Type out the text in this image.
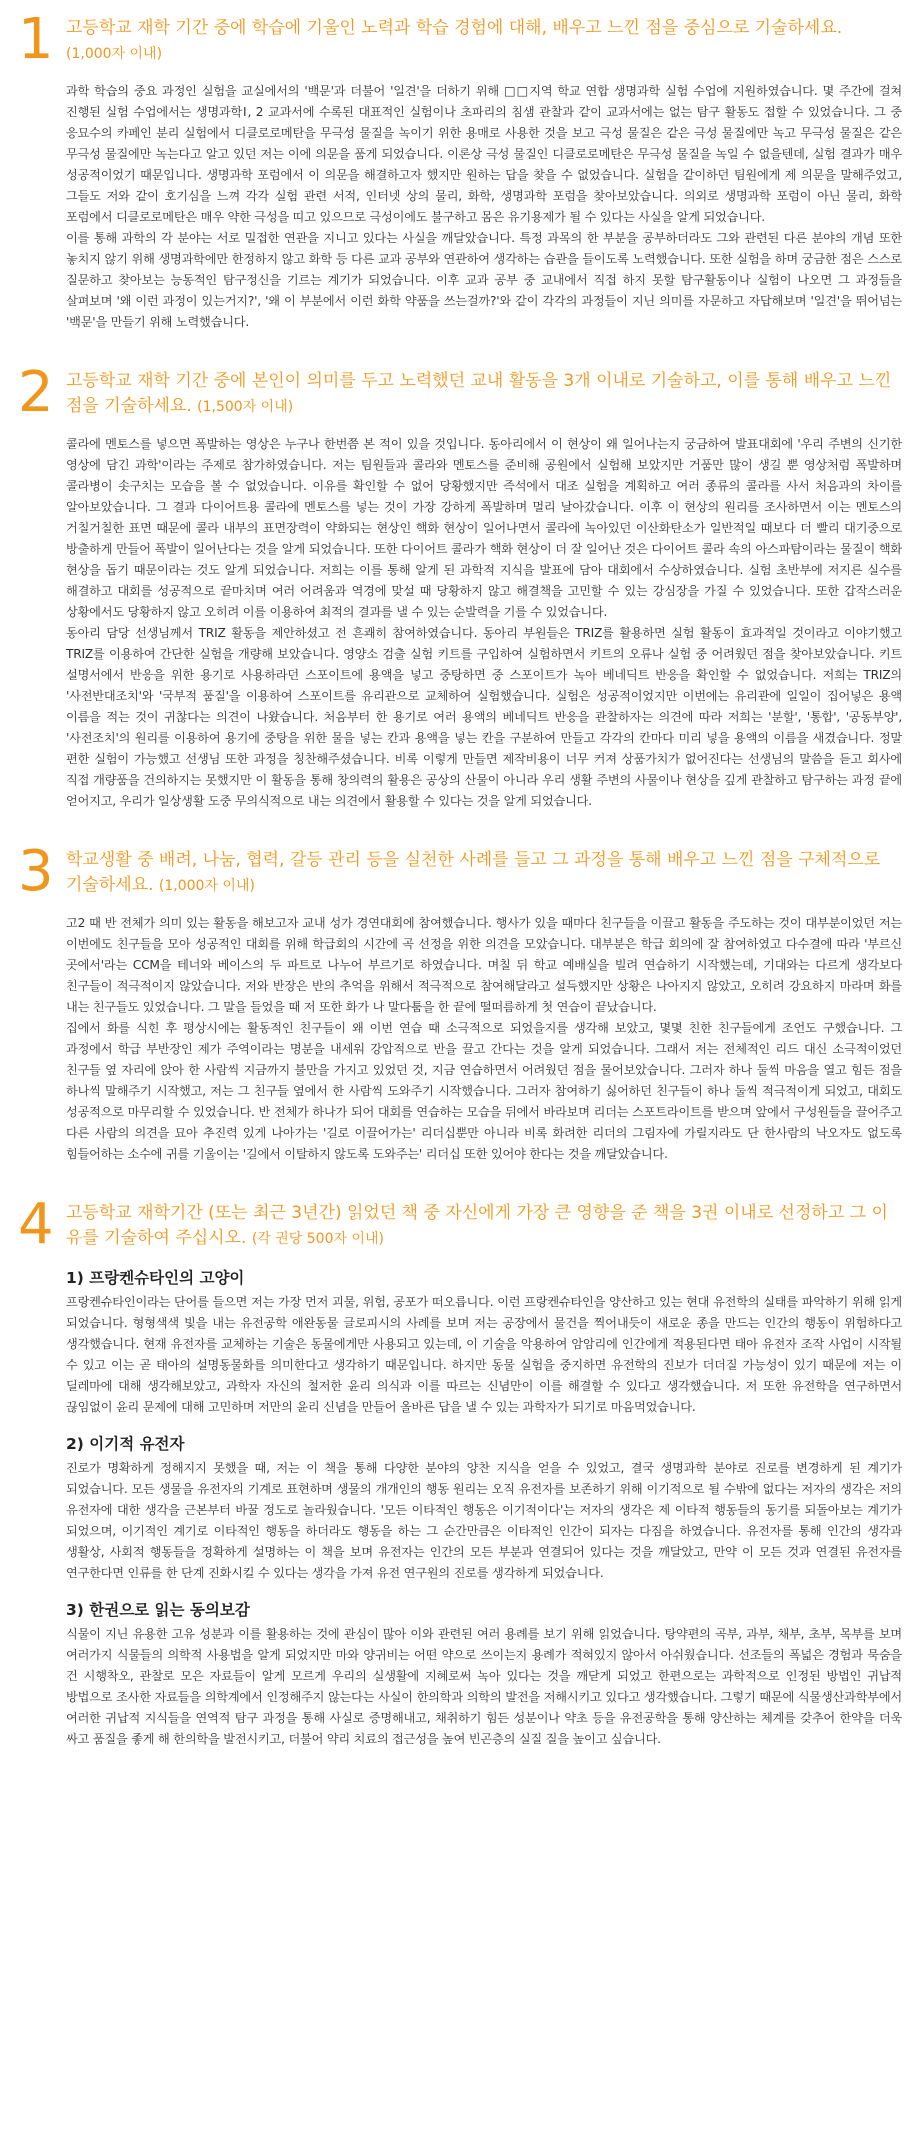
1 고등학교 재학 기간 중에 학습에 기울인 노력과 학습 경험에 대해, 배우고 느낀 점을 중심으로 기술하세요.
(1,000자 이내)

과학 학습의 중요 과정인 실험을 교실에서의 '백문'과 더불어 '일견'을 더하기 위해 □□지역 학교 연합 생명과학 실험 수업에 지원하였습니다. 몇 주간에 걸쳐 진행된 실험 수업에서는 생명과학Ⅰ, 2 교과서에 수록된 대표적인 실험이나 초파리의 침샘 관찰과 같이 교과서에는 없는 탐구 활동도 접할 수 있었습니다. 그 중 응묘수의 카페인 분리 실험에서 디클로로메탄을 무극성 물질을 녹이기 위한 용매로 사용한 것을 보고 극성 물질은 같은 극성 물질에만 녹고 무극성 물질은 같은 무극성 물질에만 녹는다고 알고 있던 저는 이에 의문을 품게 되었습니다. 이론상 극성 물질인 디클로로메탄은 무극성 물질을 녹일 수 없을텐데, 실험 결과가 매우 성공적이었기 때문입니다. 생명과학 포럼에서 이 의문을 해결하고자 했지만 원하는 답을 찾을 수 없었습니다. 실험을 같이하던 팀원에게 제 의문을 말해주었고, 그들도 저와 같이 호기심을 느껴 각각 실험 관련 서적, 인터넷 상의 물리, 화학, 생명과학 포럼을 찾아보았습니다. 의외로 생명과학 포럼이 아닌 물리, 화학 포럼에서 디클로로메탄은 매우 약한 극성을 띠고 있으므로 극성이에도 불구하고 몸은 유기용제가 될 수 있다는 사실을 알게 되었습니다.

이를 통해 과학의 각 분야는 서로 밀접한 연관을 지니고 있다는 사실을 깨달았습니다. 특정 과목의 한 부분을 공부하더라도 그와 관련된 다른 분야의 개념 또한 놓치지 않기 위해 생명과학에만 한정하지 않고 화학 등 다른 교과 공부와 연관하여 생각하는 습관을 들이도록 노력했습니다. 또한 실험을 하며 궁금한 점은 스스로 질문하고 찾아보는 능동적인 탐구정신을 기르는 계기가 되었습니다. 이후 교과 공부 중 교내에서 직접 하지 못할 탐구활동이나 실험이 나오면 그 과정들을 살펴보며 '왜 이런 과정이 있는거지?', '왜 이 부분에서 이런 화학 약품을 쓰는걸까?'와 같이 각각의 과정들이 지닌 의미를 자문하고 자답해보며 '일견'을 뛰어넘는 '백문'을 만들기 위해 노력했습니다.

2 고등학교 재학 기간 중에 본인이 의미를 두고 노력했던 교내 활동을 3개 이내로 기술하고, 이를 통해 배우고 느낀 점을 기술하세요. (1,500자 이내)

콜라에 멘토스를 넣으면 폭발하는 영상은 누구나 한번쯤 본 적이 있을 것입니다. 동아리에서 이 현상이 왜 일어나는지 궁금하여 발표대회에 '우리 주변의 신기한 영상에 담긴 과학'이라는 주제로 참가하였습니다. 저는 팀원들과 콜라와 멘토스를 준비해 공원에서 실험해 보았지만 거품만 많이 생길 뿐 영상처럼 폭발하며 콜라병이 솟구치는 모습을 볼 수 없었습니다. 이유를 확인할 수 없어 당황했지만 즉석에서 대조 실험을 계획하고 여러 종류의 콜라를 사서 처음과의 차이를 알아보았습니다. 그 결과 다이어트용 콜라에 멘토스를 넣는 것이 가장 강하게 폭발하며 멀리 날아갔습니다. 이후 이 현상의 원리를 조사하면서 이는 멘토스의 거칠거칠한 표면 때문에 콜라 내부의 표면장력이 약화되는 현상인 핵화 현상이 일어나면서 콜라에 녹아있던 이산화탄소가 일반적일 때보다 더 빨리 대기중으로 방출하게 만들어 폭발이 일어난다는 것을 알게 되었습니다. 또한 다이어트 콜라가 핵화 현상이 더 잘 일어난 것은 다이어트 콜라 속의 아스파탐이라는 물질이 핵화 현상을 돕기 때문이라는 것도 알게 되었습니다. 저희는 이를 통해 알게 된 과학적 지식을 발표에 담아 대회에서 수상하였습니다. 실험 초반부에 저지른 실수를 해결하고 대회를 성공적으로 끝마치며 여러 어려움과 역경에 맞설 때 당황하지 않고 해결책을 고민할 수 있는 강심장을 가질 수 있었습니다. 또한 갑작스러운 상황에서도 당황하지 않고 오히려 이를 이용하여 최적의 결과를 낼 수 있는 순발력을 기를 수 있었습니다.

동아리 담당 선생님께서 TRIZ 활동을 제안하셨고 전 흔쾌히 참여하였습니다. 동아리 부원들은 TRIZ를 활용하면 실험 활동이 효과적일 것이라고 이야기했고 TRIZ를 이용하여 간단한 실험을 개량해 보았습니다. 영양소 검출 실험 키트를 구입하여 실험하면서 키트의 오류나 실험 중 어려웠던 점을 찾아보았습니다. 키트 설명서에서 반응을 위한 용기로 사용하라던 스포이트에 용액을 넣고 중탕하면 중 스포이트가 녹아 베네딕트 반응을 확인할 수 없었습니다. 저희는 TRIZ의 '사전반대조치'와 '국부적 품질'을 이용하여 스포이트를 유리관으로 교체하여 실험했습니다. 실험은 성공적이었지만 이번에는 유리관에 일일이 집어넣은 용액 이름을 적는 것이 귀찮다는 의견이 나왔습니다. 처음부터 한 용기로 여러 용액의 베네딕트 반응을 관찰하자는 의견에 따라 저희는 '분할', '통합', '공동부양', '사전조치'의 원리를 이용하여 용기에 중탕을 위한 물을 넣는 칸과 용액을 넣는 칸을 구분하여 만들고 각각의 칸마다 미리 넣을 용액의 이름을 새겼습니다. 정말 편한 실험이 가능했고 선생님 또한 과정을 칭찬해주셨습니다. 비록 이렇게 만들면 제작비용이 너무 커져 상품가치가 없어진다는 선생님의 말씀을 듣고 회사에 직접 개량품을 건의하지는 못했지만 이 활동을 통해 창의력의 활용은 공상의 산물이 아니라 우리 생활 주변의 사물이나 현상을 깊게 관찰하고 탐구하는 과정 끝에 얻어지고, 우리가 일상생활 도중 무의식적으로 내는 의견에서 활용할 수 있다는 것을 알게 되었습니다.

3 학교생활 중 배려, 나눔, 협력, 갈등 관리 등을 실천한 사례를 들고 그 과정을 통해 배우고 느낀 점을 구체적으로 기술하세요. (1,000자 이내)

고2 때 반 전체가 의미 있는 활동을 해보고자 교내 성가 경연대회에 참여했습니다. 행사가 있을 때마다 친구들을 이끌고 활동을 주도하는 것이 대부분이었던 저는 이번에도 친구들을 모아 성공적인 대회를 위해 학급회의 시간에 곡 선정을 위한 의견을 모았습니다. 대부분은 학급 회의에 잘 참여하였고 다수결에 따라 '부르신 곳에서'라는 CCM을 테너와 베이스의 두 파트로 나누어 부르기로 하였습니다. 며칠 뒤 학교 예배실을 빌려 연습하기 시작했는데, 기대와는 다르게 생각보다 친구들이 적극적이지 않았습니다. 저와 반장은 반의 추억을 위해서 적극적으로 참여해달라고 설득했지만 상황은 나아지지 않았고, 오히려 강요하지 마라며 화를 내는 친구들도 있었습니다. 그 말을 들었을 때 저 또한 화가 나 말다툼을 한 끝에 떨떠름하게 첫 연습이 끝났습니다.

집에서 화를 식힌 후 평상시에는 활동적인 친구들이 왜 이번 연습 때 소극적으로 되었을지를 생각해 보았고, 몇몇 친한 친구들에게 조언도 구했습니다. 그 과정에서 학급 부반장인 제가 주역이라는 명분을 내세워 강압적으로 반을 끌고 간다는 것을 알게 되었습니다. 그래서 저는 전체적인 리드 대신 소극적이었던 친구들 옆 자리에 앉아 한 사람씩 지금까지 불만을 가지고 있었던 것, 지금 연습하면서 어려웠던 점을 물어보았습니다. 그러자 하나 둘씩 마음을 열고 힘든 점을 하나씩 말해주기 시작했고, 저는 그 친구들 옆에서 한 사람씩 도와주기 시작했습니다. 그러자 참여하기 싫어하던 친구들이 하나 둘씩 적극적이게 되었고, 대회도 성공적으로 마무리할 수 있었습니다. 반 전체가 하나가 되어 대회를 연습하는 모습을 뒤에서 바라보며 리더는 스포트라이트를 받으며 앞에서 구성원들을 끌어주고 다른 사람의 의견을 묘아 추진력 있게 나아가는 '길로 이끌어가는' 리더십뿐만 아니라 비록 화려한 리더의 그림자에 가릴지라도 단 한사람의 낙오자도 없도록 힘들어하는 소수에 귀를 기울이는 '길에서 이탈하지 않도록 도와주는' 리더십 또한 있어야 한다는 것을 깨달았습니다.

4 고등학교 재학기간 (또는 최근 3년간) 읽었던 책 중 자신에게 가장 큰 영향을 준 책을 3권 이내로 선정하고 그 이유를 기술하여 주십시오. (각 권당 500자 이내)
1) 프랑켄슈타인의 고양이

프랑켄슈타인이라는 단어를 들으면 저는 가장 먼저 괴물, 위험, 공포가 떠오릅니다. 이런 프랑켄슈타인을 양산하고 있는 현대 유전학의 실태를 파악하기 위해 읽게 되었습니다. 형형색색 빛을 내는 유전공학 애완동물 글로피시의 사례를 보며 저는 공장에서 물건을 찍어내듯이 새로운 종을 만드는 인간의 행동이 위험하다고 생각했습니다. 현재 유전자를 교체하는 기술은 동물에게만 사용되고 있는데, 이 기술을 악용하여 암암리에 인간에게 적용된다면 태아 유전자 조작 사업이 시작될 수 있고 이는 곧 태아의 설명동물화를 의미한다고 생각하기 때문입니다. 하지만 동물 실험을 중지하면 유전학의 진보가 더더질 가능성이 있기 때문에 저는 이 딜레마에 대해 생각해보았고, 과학자 자신의 철저한 윤리 의식과 이를 따르는 신념만이 이를 해결할 수 있다고 생각했습니다. 저 또한 유전학을 연구하면서 끊임없이 윤리 문제에 대해 고민하며 저만의 윤리 신념을 만들어 올바른 답을 낼 수 있는 과학자가 되기로 마음먹었습니다.

2) 이기적 유전자

진로가 명확하게 정해지지 못했을 때, 저는 이 책을 통해 다양한 분야의 양찬 지식을 얻을 수 있었고, 결국 생명과학 분야로 진로를 변경하게 된 계기가 되었습니다. 모든 생물을 유전자의 기계로 표현하며 생물의 개개인의 행동 원리는 오직 유전자를 보존하기 위해 이기적으로 될 수밖에 없다는 저자의 생각은 저의 유전자에 대한 생각을 근본부터 바꿀 정도로 놀라웠습니다. '모든 이타적인 행동은 이기적이다'는 저자의 생각은 제 이타적 행동들의 동기를 되돌아보는 계기가 되었으며, 이기적인 계기로 이타적인 행동을 하더라도 행동을 하는 그 순간만큼은 이타적인 인간이 되자는 다짐을 하였습니다. 유전자를 통해 인간의 생각과 생활상, 사회적 행동들을 정확하게 설명하는 이 책을 보며 유전자는 인간의 모든 부분과 연결되어 있다는 것을 깨달았고, 만약 이 모든 것과 연결된 유전자를 연구한다면 인류를 한 단계 진화시킬 수 있다는 생각을 가져 유전 연구원의 진로를 생각하게 되었습니다.

3) 한권으로 읽는 동의보감

식물이 지닌 유용한 고유 성분과 이를 활용하는 것에 관심이 많아 이와 관련된 여러 용례를 보기 위해 읽었습니다. 탕약편의 곡부, 과부, 채부, 초부, 목부를 보며 여러가지 식물들의 의학적 사용법을 알게 되었지만 마와 양귀비는 어떤 약으로 쓰이는지 용례가 적혀있지 않아서 아쉬웠습니다. 선조들의 폭넓은 경험과 묵숨을 건 시행착오, 관찰로 모은 자료들이 알게 모르게 우리의 실생활에 지혜로써 녹아 있다는 것을 깨닫게 되었고 한편으로는 과학적으로 인정된 방법인 귀납적 방법으로 조사한 자료들을 의학계에서 인정해주지 않는다는 사실이 한의학과 의학의 발전을 저해시키고 있다고 생각했습니다. 그렇기 때문에 식물생산과학부에서 여러한 귀납적 지식들을 연역적 탐구 과정을 통해 사실로 증명해내고, 채취하기 힘든 성분이나 약초 등을 유전공학을 통해 양산하는 체계를 갖추어 한약을 더욱 싸고 품질을 좋게 해 한의학을 발전시키고, 더불어 약리 치료의 접근성을 높여 빈곤층의 실질 질을 높이고 싶습니다.
